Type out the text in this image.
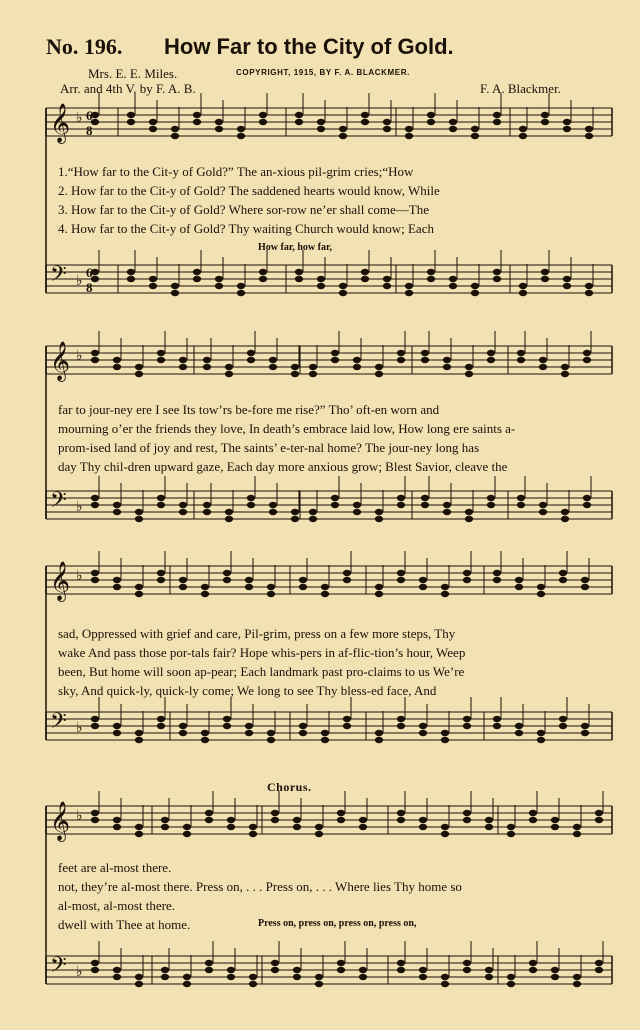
No. 196. How Far to the City of Gold.
Mrs. E. E. Miles.	COPYRIGHT, 1915, BY F. A. BLACKMER.
Arr. and 4th V. by F. A. B.	F. A. Blackmer.
𝄞 ♭
𝄢 ♭
6
8
6
8
𝄞 ♭
𝄢 ♭
𝄞 ♭
𝄢 ♭
𝄞 ♭
𝄢 ♭
1.“How far to the Cit-y of Gold?” The an-xious pil-grim cries;“How
2. How far to the Cit-y of Gold? The saddened hearts would know, While
3. How far to the Cit-y of Gold? Where sor-row ne’er shall come—The
4. How far to the Cit-y of Gold? Thy waiting Church would know; Each
How far, how far,
far to jour-ney ere I see Its tow’rs be-fore me rise?” Tho’ oft-en worn and
mourning o’er the friends they love, In death’s embrace laid low, How long ere saints a-
prom-ised land of joy and rest, The saints’ e-ter-nal home? The jour-ney long has
day Thy chil-dren upward gaze, Each day more anxious grow; Blest Savior, cleave the
sad, Oppressed with grief and care, Pil-grim, press on a few more steps, Thy
wake And pass those por-tals fair? Hope whis-pers in af-flic-tion’s hour, Weep
been, But home will soon ap-pear; Each landmark past pro-claims to us We’re
sky, And quick-ly, quick-ly come; We long to see Thy bless-ed face, And
Chorus.
feet are al-most there.
not, they’re al-most there. Press on, . . . Press on, . . . Where lies Thy home so
al-most, al-most there.
dwell with Thee at home.	Press on, press on, press on, press on,
